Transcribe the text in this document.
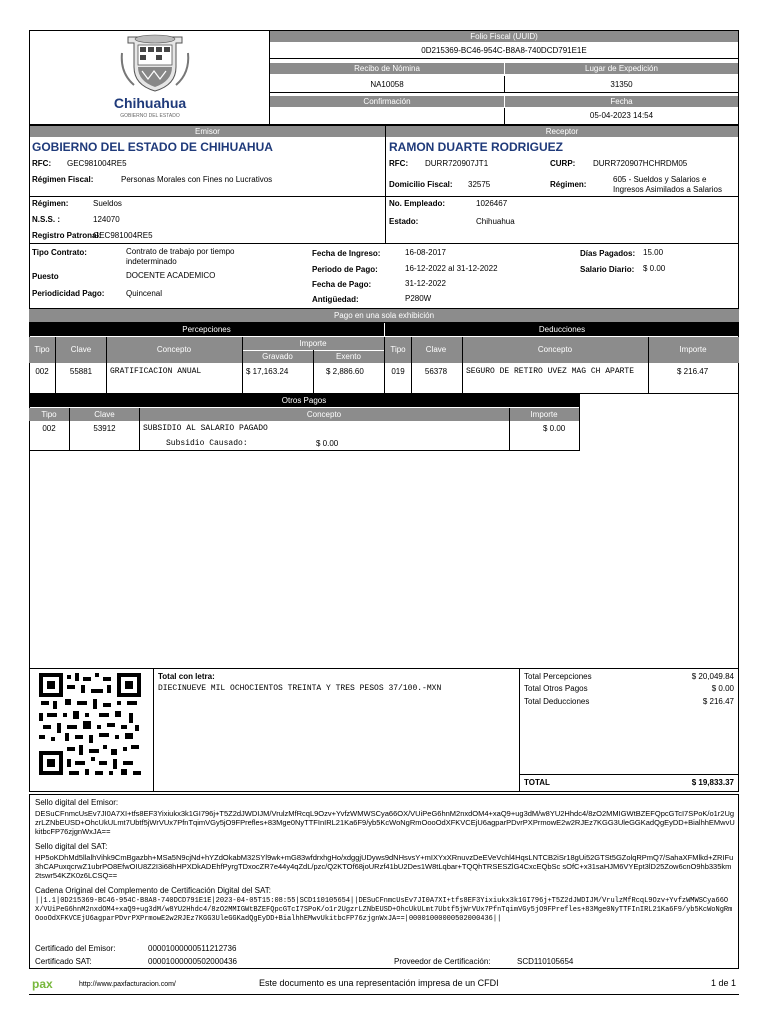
Chihuahua
GOBIERNO DEL ESTADO
Folio Fiscal (UUID)
0D215369-BC46-954C-B8A8-740DCD791E1E
Recibo de Nómina	Lugar de Expedición
NA10058	31350
Confirmación	Fecha
05-04-2023 14:54
Emisor	Receptor
GOBIERNO DEL ESTADO DE CHIHUAHUA
RFC: GEC981004RE5
Régimen Fiscal:	Personas Morales con Fines no Lucrativos
RAMON DUARTE RODRIGUEZ
RFC: DURR720907JT1	CURP: DURR720907HCHRDM05
Domicilio Fiscal: 32575	Régimen:
605 - Sueldos y Salarios e Ingresos Asimilados a Salarios
Régimen:	Sueldos
N.S.S. :	124070
Registro Patronal:
GEC981004RE5
No. Empleado:	1026467
Estado:	Chihuahua
Tipo Contrato:	Contrato de trabajo por tiempo indeterminado
Puesto	DOCENTE ACADEMICO
Periodicidad Pago:	Quincenal
Fecha de Ingreso:	16-08-2017
Periodo de Pago:	16-12-2022 al 31-12-2022
Fecha de Pago:	31-12-2022
Antigüedad:	P280W
Días Pagados: 15.00
Salario Diario: $ 0.00
Pago en una sola exhibición
Percepciones	Deducciones
Tipo	Clave	Concepto
Importe
Gravado	Exento
Tipo	Clave	Concepto	Importe
002	55881	GRATIFICACION ANUAL	$ 17,163.24	$ 2,886.60	019	56378	SEGURO DE RETIRO UVEZ MAG CH APARTE	$ 216.47
Otros Pagos
Tipo	Clave	Concepto	Importe
002	53912	SUBSIDIO AL SALARIO PAGADO	$ 0.00
Subsidio Causado:	$ 0.00
Total con letra:
DIECINUEVE MIL OCHOCIENTOS TREINTA Y TRES PESOS 37/100.-MXN
Total Percepciones	$ 20,049.84
Total Otros Pagos	$ 0.00
Total Deducciones	$ 216.47
TOTAL	$ 19,833.37
Sello digital del Emisor:
DESuCFnmcUsEv7JI0A7XI+tfs8EF3Yixiukx3k1GI796j+T5Z2dJWDIJM/VrulzMfRcqL9Ozv+YvfzWMWSCya66OX/VUiPeG6hnM2nxdOM4+xaQ9+ug3dM/w8YU2Hhdc4/8zO2MMIGWtBZEFQpcGTcI7SPoK/o1r2UgzrLZNbEUSD+OhcUkULmt7Ubtf5jWrVUx7PfnTqimVGy5jO9FPrefles+83Mge0NyTTFInIRL21Ka6F9/yb5KcWoNgRmOooOdXFKVCEjU6agparPDvrPXPrmowE2w2RJEz7KGG3UleGGKadQgEyDD+BialhhEMwvUkitbcFP76zjgnWxJA==
Sello digital del SAT:
HP5oKDhMd5llalhVihk9CmBgazbh+MSa5N9cjNd+hYZdOkabM32SYl9wk+mG83wfdrxhgHo/xdggjUDyws9dNHsvsY+mIXYxXRnuvzDeEVeVchl4HqsLNTCB2iSr18gUi52GTSt5GZolqRPmQ7/SahaXFMlkd+ZRIFu3hCAPuxqcrwZ1ubrPO8EfwOIU8Z2I3i68hHPXDkADEhfPyrgTDxocZR7e44y4qZdL/pzc/Q2KTOf68joURzf41bU2Des1W8tLqbar+TQQhTRSESZlG4CxcEQbSc sOfC+x31saHJM6VYEpt3lD25Zow6cnO9hb335km2tswr54KZK0z6LCSQ==
Cadena Original del Complemento de Certificación Digital del SAT:
||1.1|0D215369-BC46-954C-B8A8-740DCD791E1E|2023-04-05T15:08:55|SCD110105654||DESuCFnmcUsEv7JI0A7XI+tfs8EF3Yixiukx3k1GI796j+T5Z2dJWDIJM/VrulzMfRcqL9Ozv+YvfzWMWSCya66OX/VUiPeG6hnM2nxdOM4+xaQ9+ug3dM/w8YU2Hhdc4/8zO2MMIGWtBZEFQpcGTcI7SPoK/o1r2UgzrLZNbEUSD+OhcUkULmt7Ubtf5jWrVUx7PfnTqimVGy5jO9FPrefles+83Mge0NyTTFInIRL21Ka6F9/yb5KcWoNgRmOooOdXFKVCEjU6agparPDvrPXPrmowE2w2RJEz7KGG3UleGGKadQgEyDD+BialhhEMwvUkitbcFP76zjgnWxJA==|00001000000502000436||
Certificado del Emisor:	00001000000511212736
Certificado SAT:	00001000000502000436	Proveedor de Certificación:	SCD110105654
pax	http://www.paxfacturacion.com/	Este documento es una representación impresa de un CFDI	1 de 1
